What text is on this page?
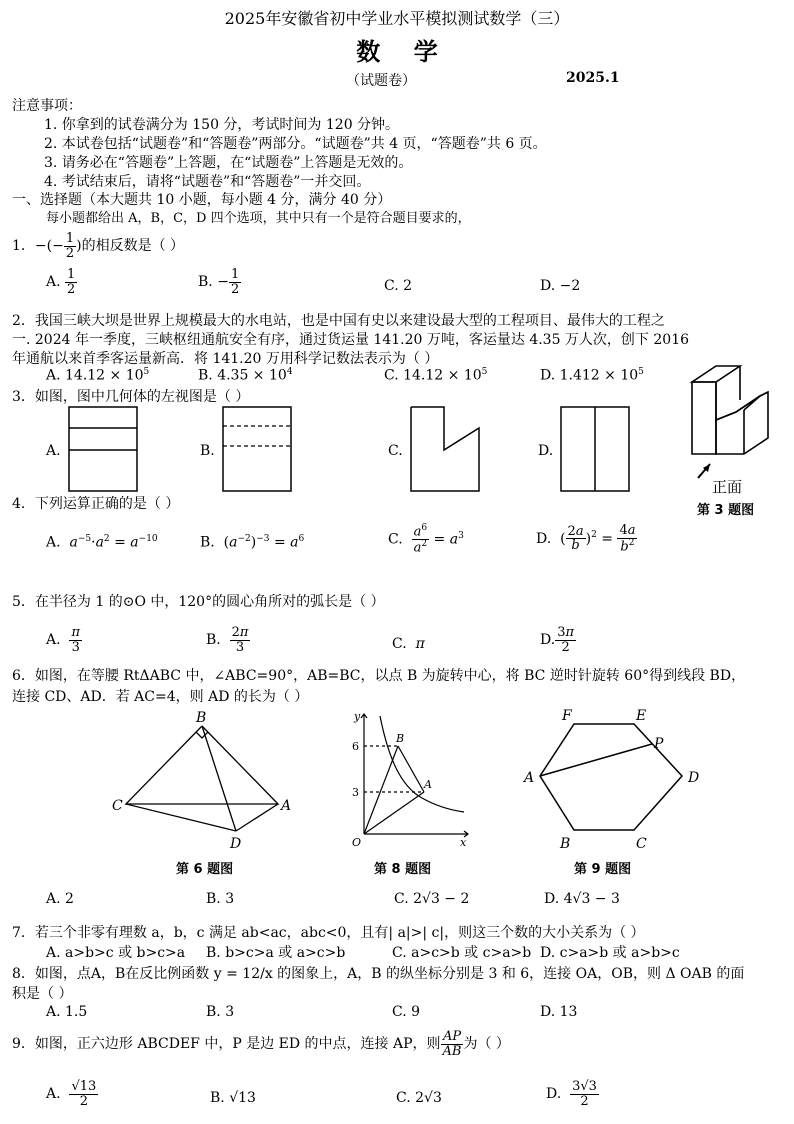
2025年安徽省初中学业水平模拟测试数学（三）
数    学
（试题卷）	2025.1
注意事项：
1. 你拿到的试卷满分为 150 分，考试时间为 120 分钟。
2. 本试卷包括“试题卷”和“答题卷”两部分。“试题卷”共 4 页，“答题卷”共 6 页。
3. 请务必在“答题卷”上答题，在“试题卷”上答题是无效的。
4. 考试结束后，请将“试题卷”和“答题卷”一并交回。
一、选择题（本大题共 10 小题，每小题 4 分，满分 40 分）
每小题都给出 A，B，C，D 四个选项，其中只有一个是符合题目要求的，
1．−(− $\frac{1}{2}$ )的相反数是（ ）
A. $\frac{1}{2}$	B. − $\frac{1}{2}$	C. 2	D. −2
2．我国三峡大坝是世界上规模最大的水电站，也是中国有史以来建设最大型的工程项目、最伟大的工程之
一. 2024 年一季度，三峡枢纽通航安全有序，通过货运量 141.20 万吨，客运量达 4.35 万人次，创下 2016
年通航以来首季客运量新高．将 141.20 万用科学记数法表示为（ ）
A. $14.12 \times 10^5$	B. $4.35 \times 10^4$	C. $14.12 \times 10^5$	D. $1.412 \times 10^5$
3．如图，图中几何体的左视图是（ ）
A.	B.	C.	D.
正面
第 3 题图
4．下列运算正确的是（ ）
A.  $a^{-5}\cdot a^2 = a^{-10}$	B.  $(a^{-2})^{-3} = a^6$	C. $\frac{a^6}{a^2} = a^3$	D.  ( $\frac{2a}{b} )^2 = \frac{4a}{b^2}$
5．在半径为 1 的⊙O 中，120°的圆心角所对的弧长是（ ）
A. $\frac{\pi}{3}$	B. $\frac{2\pi}{3}$	C.  π	D. $\frac{3\pi}{2}$
6．如图，在等腰 RtΔABC 中，∠ABC=90°，AB=BC，以点 B 为旋转中心，将 BC 逆时针旋转 60°得到线段 BD，
连接 CD、AD．若 AC=4，则 AD 的长为（ ）
B
C	A
D
第 6 题图
y
6
3
O	x
B
A
第 8 题图
F	E
P
A	D
B	C
第 9 题图
A. 2	B. 3	C. 2√3 − 2	D. 4√3 − 3
7．若三个非零有理数 a，b，c 满足 ab<ac，abc<0，且有| a|>| c|，则这三个数的大小关系为（ ）
A. a>b>c 或 b>c>a B. b>c>a 或 a>c>b	C. a>c>b 或 c>a>b D. c>a>b 或 a>b>c
8．如图，点A，B在反比例函数 y = 12/x 的图象上，A，B 的纵坐标分别是 3 和 6，连接 OA，OB，则 Δ OAB 的面
积是（ ）
A. 1.5	B. 3	C. 9	D. 13
9．如图，正六边形 ABCDEF 中，P 是边 ED 的中点，连接 AP，则 $\frac{AP}{AB}$ 为（ ）
A. $\frac{√13}{2}$	B. √13	C. 2√3	D. $\frac{3√3}{2}$
